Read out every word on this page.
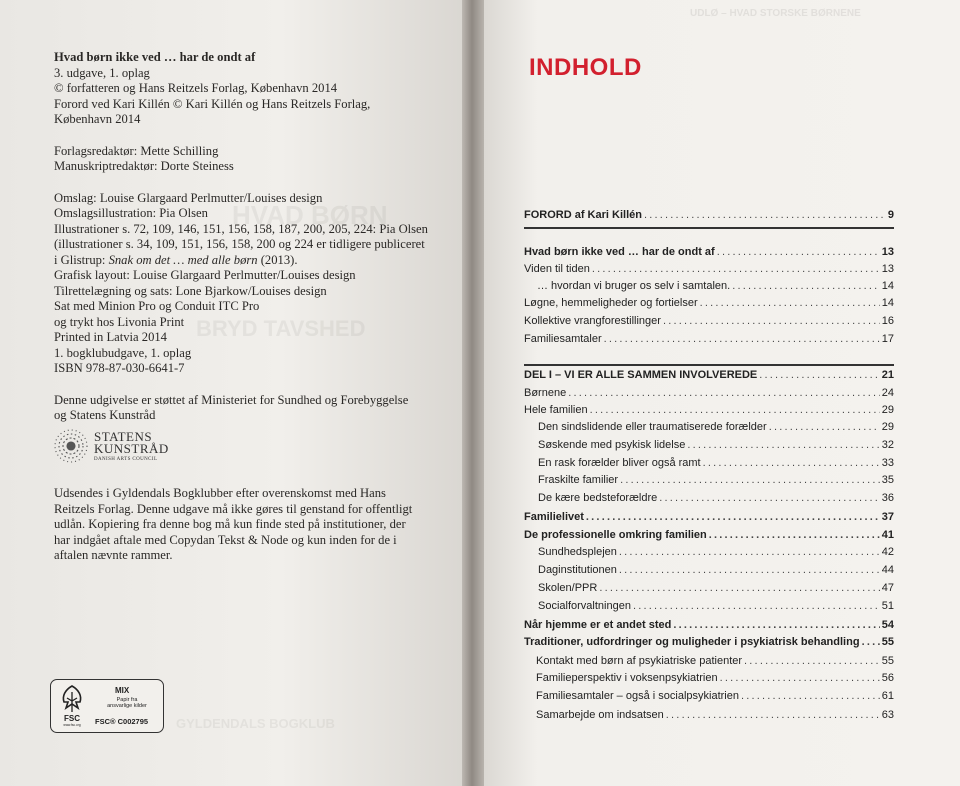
HVAD BØRN
BRYD TAVSHED
GYLDENDALS BOGKLUB
Hvad børn ikke ved … har de ondt af
3. udgave, 1. oplag
© forfatteren og Hans Reitzels Forlag, København 2014
Forord ved Kari Killén © Kari Killén og Hans Reitzels Forlag,
København 2014
Forlagsredaktør: Mette Schilling
Manuskriptredaktør: Dorte Steiness
Omslag: Louise Glargaard Perlmutter/Louises design
Omslagsillustration: Pia Olsen
Illustrationer s. 72, 109, 146, 151, 156, 158, 187, 200, 205, 224: Pia Olsen
(illustrationer s. 34, 109, 151, 156, 158, 200 og 224 er tidligere publiceret
i Glistrup: Snak om det … med alle børn (2013).
Grafisk layout: Louise Glargaard Perlmutter/Louises design
Tilrettelægning og sats: Lone Bjarkow/Louises design
Sat med Minion Pro og Conduit ITC Pro
og trykt hos Livonia Print
Printed in Latvia 2014
1. bogklubudgave, 1. oplag
ISBN 978-87-030-6641-7
Denne udgivelse er støttet af Ministeriet for Sundhed og Forebyggelse
og Statens Kunstråd
STATENS
KUNSTRÅD
DANISH ARTS COUNCIL
Udsendes i Gyldendals Bogklubber efter overenskomst med Hans
Reitzels Forlag. Denne udgave må ikke gøres til genstand for offentligt
udlån. Kopiering fra denne bog må kun finde sted på institutioner, der
har indgået aftale med Copydan Tekst & Node og kun inden for de i
aftalen nævnte rammer.
FSC
www.fsc.org
MIX
Papir fra
ansvarlige kilder
FSC® C002795
UDLØ – HVAD STORSKE BØRNENE
INDHOLD
FORORD af Kari Killén .....	9
Hvad børn ikke ved … har de ondt af .....	13
Viden til tiden .....	13
… hvordan vi bruger os selv i samtalen. .....	14
Løgne, hemmeligheder og fortielser .....	14
Kollektive vrangforestillinger .....	16
Familiesamtaler .....	17
DEL I – VI ER ALLE SAMMEN INVOLVEREDE .....	21
Børnene .....	24
Hele familien .....	29
Den sindslidende eller traumatiserede forælder .....	29
Søskende med psykisk lidelse .....	32
En rask forælder bliver også ramt .....	33
Fraskilte familier .....	35
De kære bedsteforældre .....	36
Familielivet .....	37
De professionelle omkring familien .....	41
Sundhedsplejen .....	42
Daginstitutionen .....	44
Skolen/PPR .....	47
Socialforvaltningen .....	51
Når hjemme er et andet sted .....	54
Traditioner, udfordringer og muligheder i psykiatrisk behandling ..... 55
Kontakt med børn af psykiatriske patienter .....	55
Familieperspektiv i voksenpsykiatrien .....	56
Familiesamtaler – også i socialpsykiatrien .....	61
Samarbejde om indsatsen .....	63
